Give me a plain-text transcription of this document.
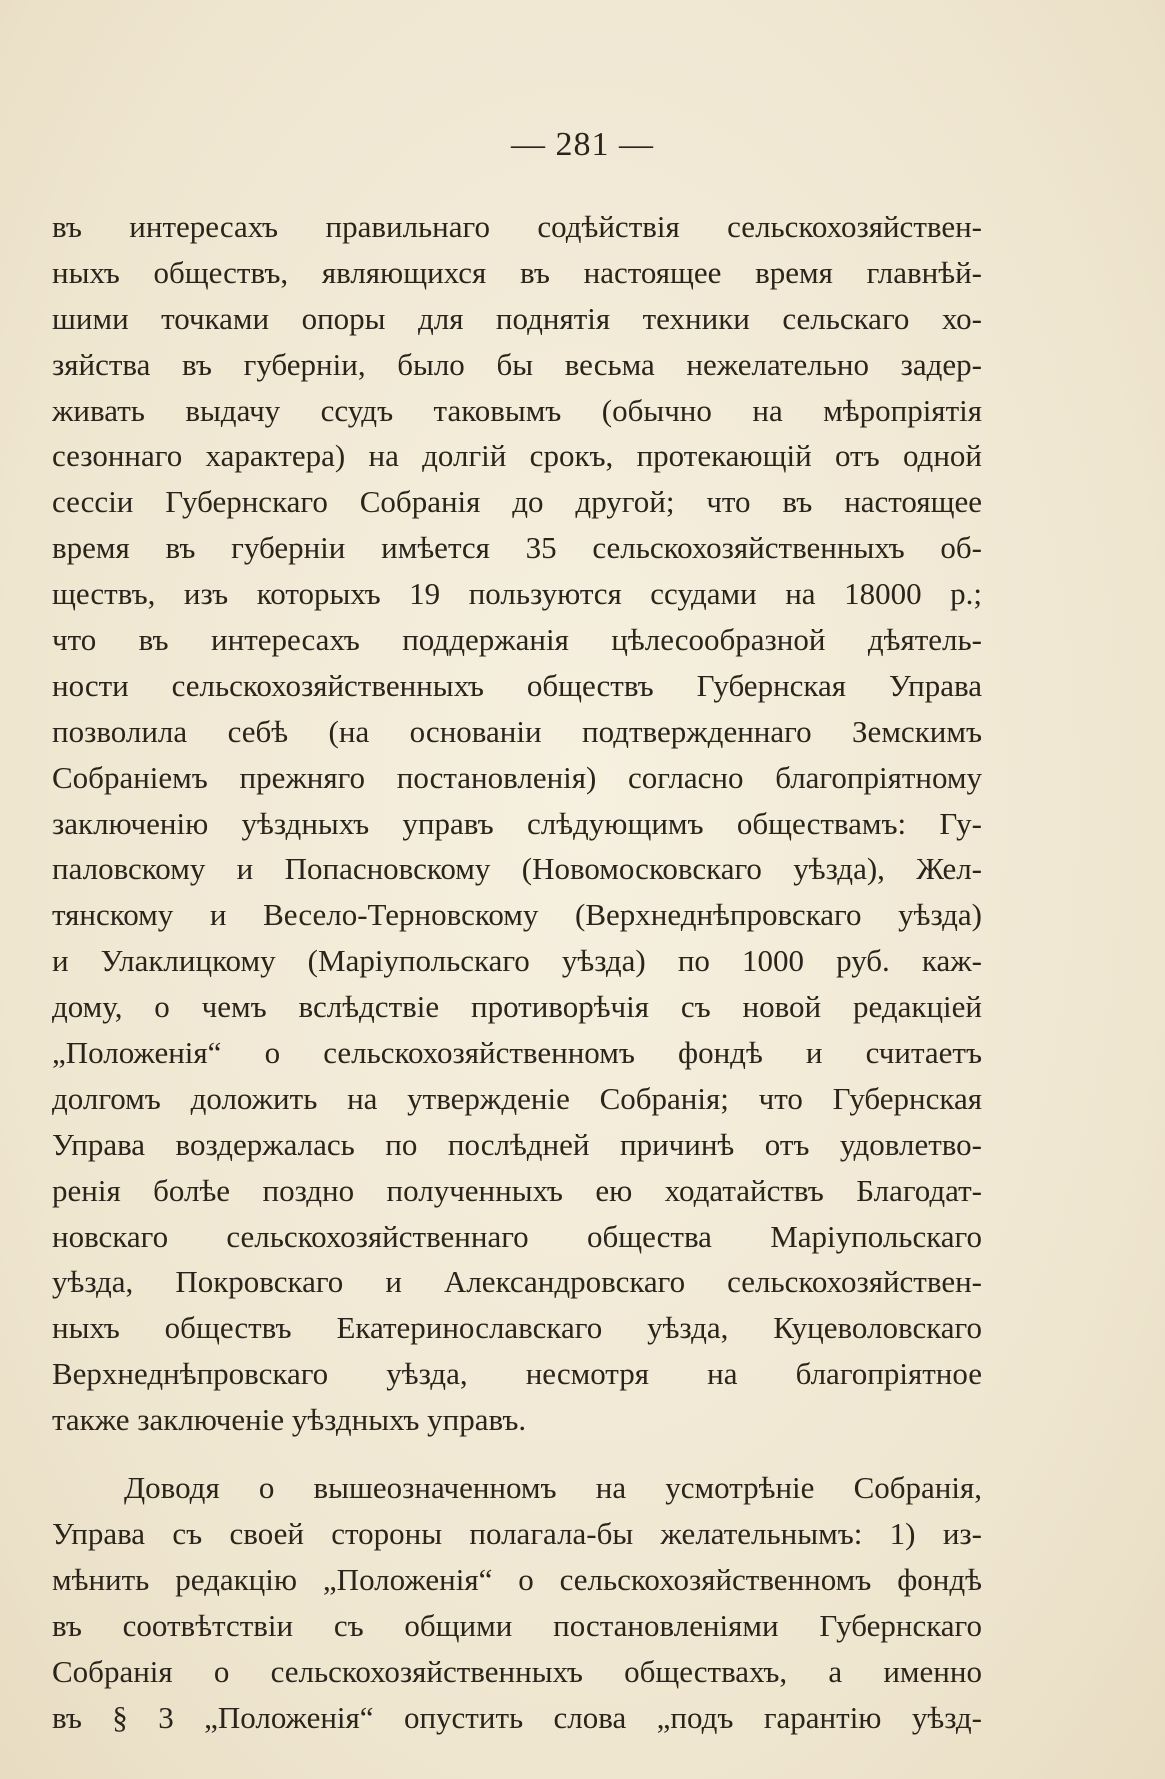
— 281 —
въ интересахъ правильнаго содѣйствія сельскохозяйствен-
ныхъ обществъ, являющихся въ настоящее время главнѣй-
шими точками опоры для поднятія техники сельскаго хо-
зяйства въ губерніи, было бы весьма нежелательно задер-
живать выдачу ссудъ таковымъ (обычно на мѣропріятія
сезоннаго характера) на долгій срокъ, протекающій отъ одной
сессіи Губернскаго Собранія до другой; что въ настоящее
время въ губерніи имѣется 35 сельскохозяйственныхъ об-
ществъ, изъ которыхъ 19 пользуются ссудами на 18000 р.;
что въ интересахъ поддержанія цѣлесообразной дѣятель-
ности сельскохозяйственныхъ обществъ Губернская Управа
позволила себѣ (на основаніи подтвержденнаго Земскимъ
Собраніемъ прежняго постановленія) согласно благопріятному
заключенію уѣздныхъ управъ слѣдующимъ обществамъ: Гу-
паловскому и Попасновскому (Новомосковскаго уѣзда), Жел-
тянскому и Весело-Терновскому (Верхнеднѣпровскаго уѣзда)
и Улаклицкому (Маріупольскаго уѣзда) по 1000 руб. каж-
дому, о чемъ вслѣдствіе противорѣчія съ новой редакціей
„Положенія“ о сельскохозяйственномъ фондѣ и считаетъ
долгомъ доложить на утвержденіе Собранія; что Губернская
Управа воздержалась по послѣдней причинѣ отъ удовлетво-
ренія болѣе поздно полученныхъ ею ходатайствъ Благодат-
новскаго сельскохозяйственнаго общества Маріупольскаго
уѣзда, Покровскаго и Александровскаго сельскохозяйствен-
ныхъ обществъ Екатеринославскаго уѣзда, Куцеволовскаго
Верхнеднѣпровскаго уѣзда, несмотря на благопріятное
также заключеніе уѣздныхъ управъ.
Доводя о вышеозначенномъ на усмотрѣніе Собранія,
Управа съ своей стороны полагала-бы желательнымъ: 1) из-
мѣнить редакцію „Положенія“ о сельскохозяйственномъ фондѣ
въ соотвѣтствіи съ общими постановленіями Губернскаго
Собранія о сельскохозяйственныхъ обществахъ, а именно
въ § 3 „Положенія“ опустить слова „подъ гарантію уѣзд-
